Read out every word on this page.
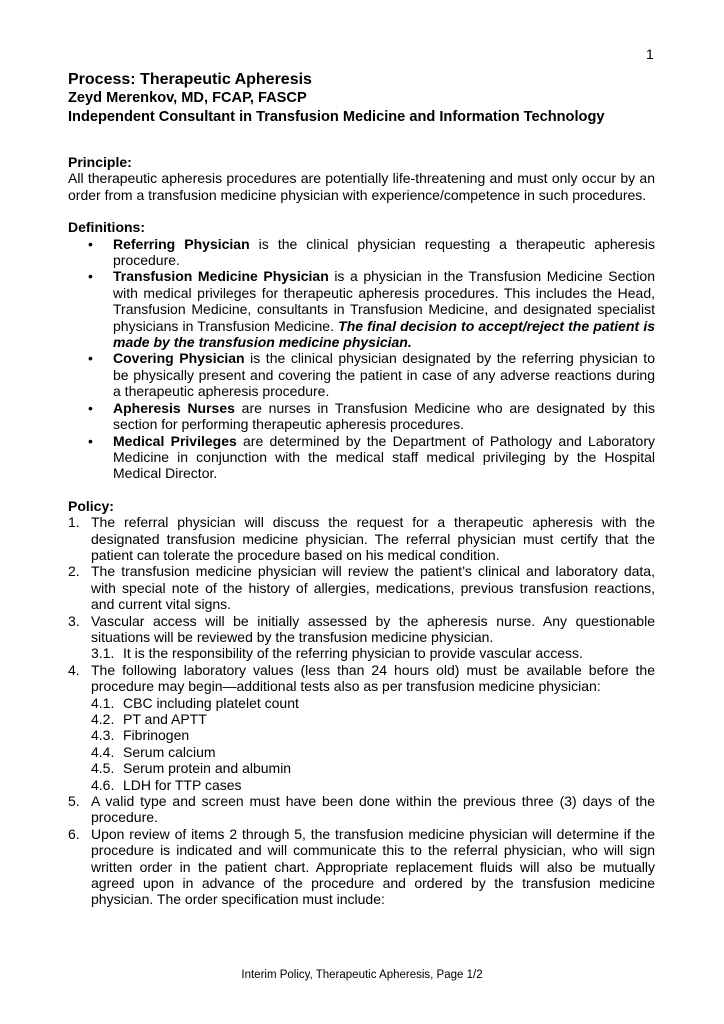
1
Process: Therapeutic Apheresis
Zeyd Merenkov, MD, FCAP, FASCP
Independent Consultant in Transfusion Medicine and Information Technology
Principle:

All therapeutic apheresis procedures are potentially life-threatening and must only occur by an order from a transfusion medicine physician with experience/competence in such procedures.

Definitions:
• Referring Physician is the clinical physician requesting a therapeutic apheresis procedure.
• Transfusion Medicine Physician is a physician in the Transfusion Medicine Section with medical privileges for therapeutic apheresis procedures. This includes the Head, Transfusion Medicine, consultants in Transfusion Medicine, and designated specialist physicians in Transfusion Medicine. The final decision to accept/reject the patient is made by the transfusion medicine physician.
• Covering Physician is the clinical physician designated by the referring physician to be physically present and covering the patient in case of any adverse reactions during a therapeutic apheresis procedure.
• Apheresis Nurses are nurses in Transfusion Medicine who are designated by this section for performing therapeutic apheresis procedures.
• Medical Privileges are determined by the Department of Pathology and Laboratory Medicine in conjunction with the medical staff medical privileging by the Hospital Medical Director.
Policy:
1. The referral physician will discuss the request for a therapeutic apheresis with the designated transfusion medicine physician. The referral physician must certify that the patient can tolerate the procedure based on his medical condition.
2. The transfusion medicine physician will review the patient’s clinical and laboratory data, with special note of the history of allergies, medications, previous transfusion reactions, and current vital signs.
3. Vascular access will be initially assessed by the apheresis nurse. Any questionable situations will be reviewed by the transfusion medicine physician.
3.1. It is the responsibility of the referring physician to provide vascular access.
4. The following laboratory values (less than 24 hours old) must be available before the procedure may begin—additional tests also as per transfusion medicine physician:
4.1. CBC including platelet count
4.2. PT and APTT
4.3. Fibrinogen
4.4. Serum calcium
4.5. Serum protein and albumin
4.6. LDH for TTP cases
5. A valid type and screen must have been done within the previous three (3) days of the procedure.
6. Upon review of items 2 through 5, the transfusion medicine physician will determine if the procedure is indicated and will communicate this to the referral physician, who will sign written order in the patient chart. Appropriate replacement fluids will also be mutually agreed upon in advance of the procedure and ordered by the transfusion medicine physician. The order specification must include:
Interim Policy, Therapeutic Apheresis, Page 1/2
